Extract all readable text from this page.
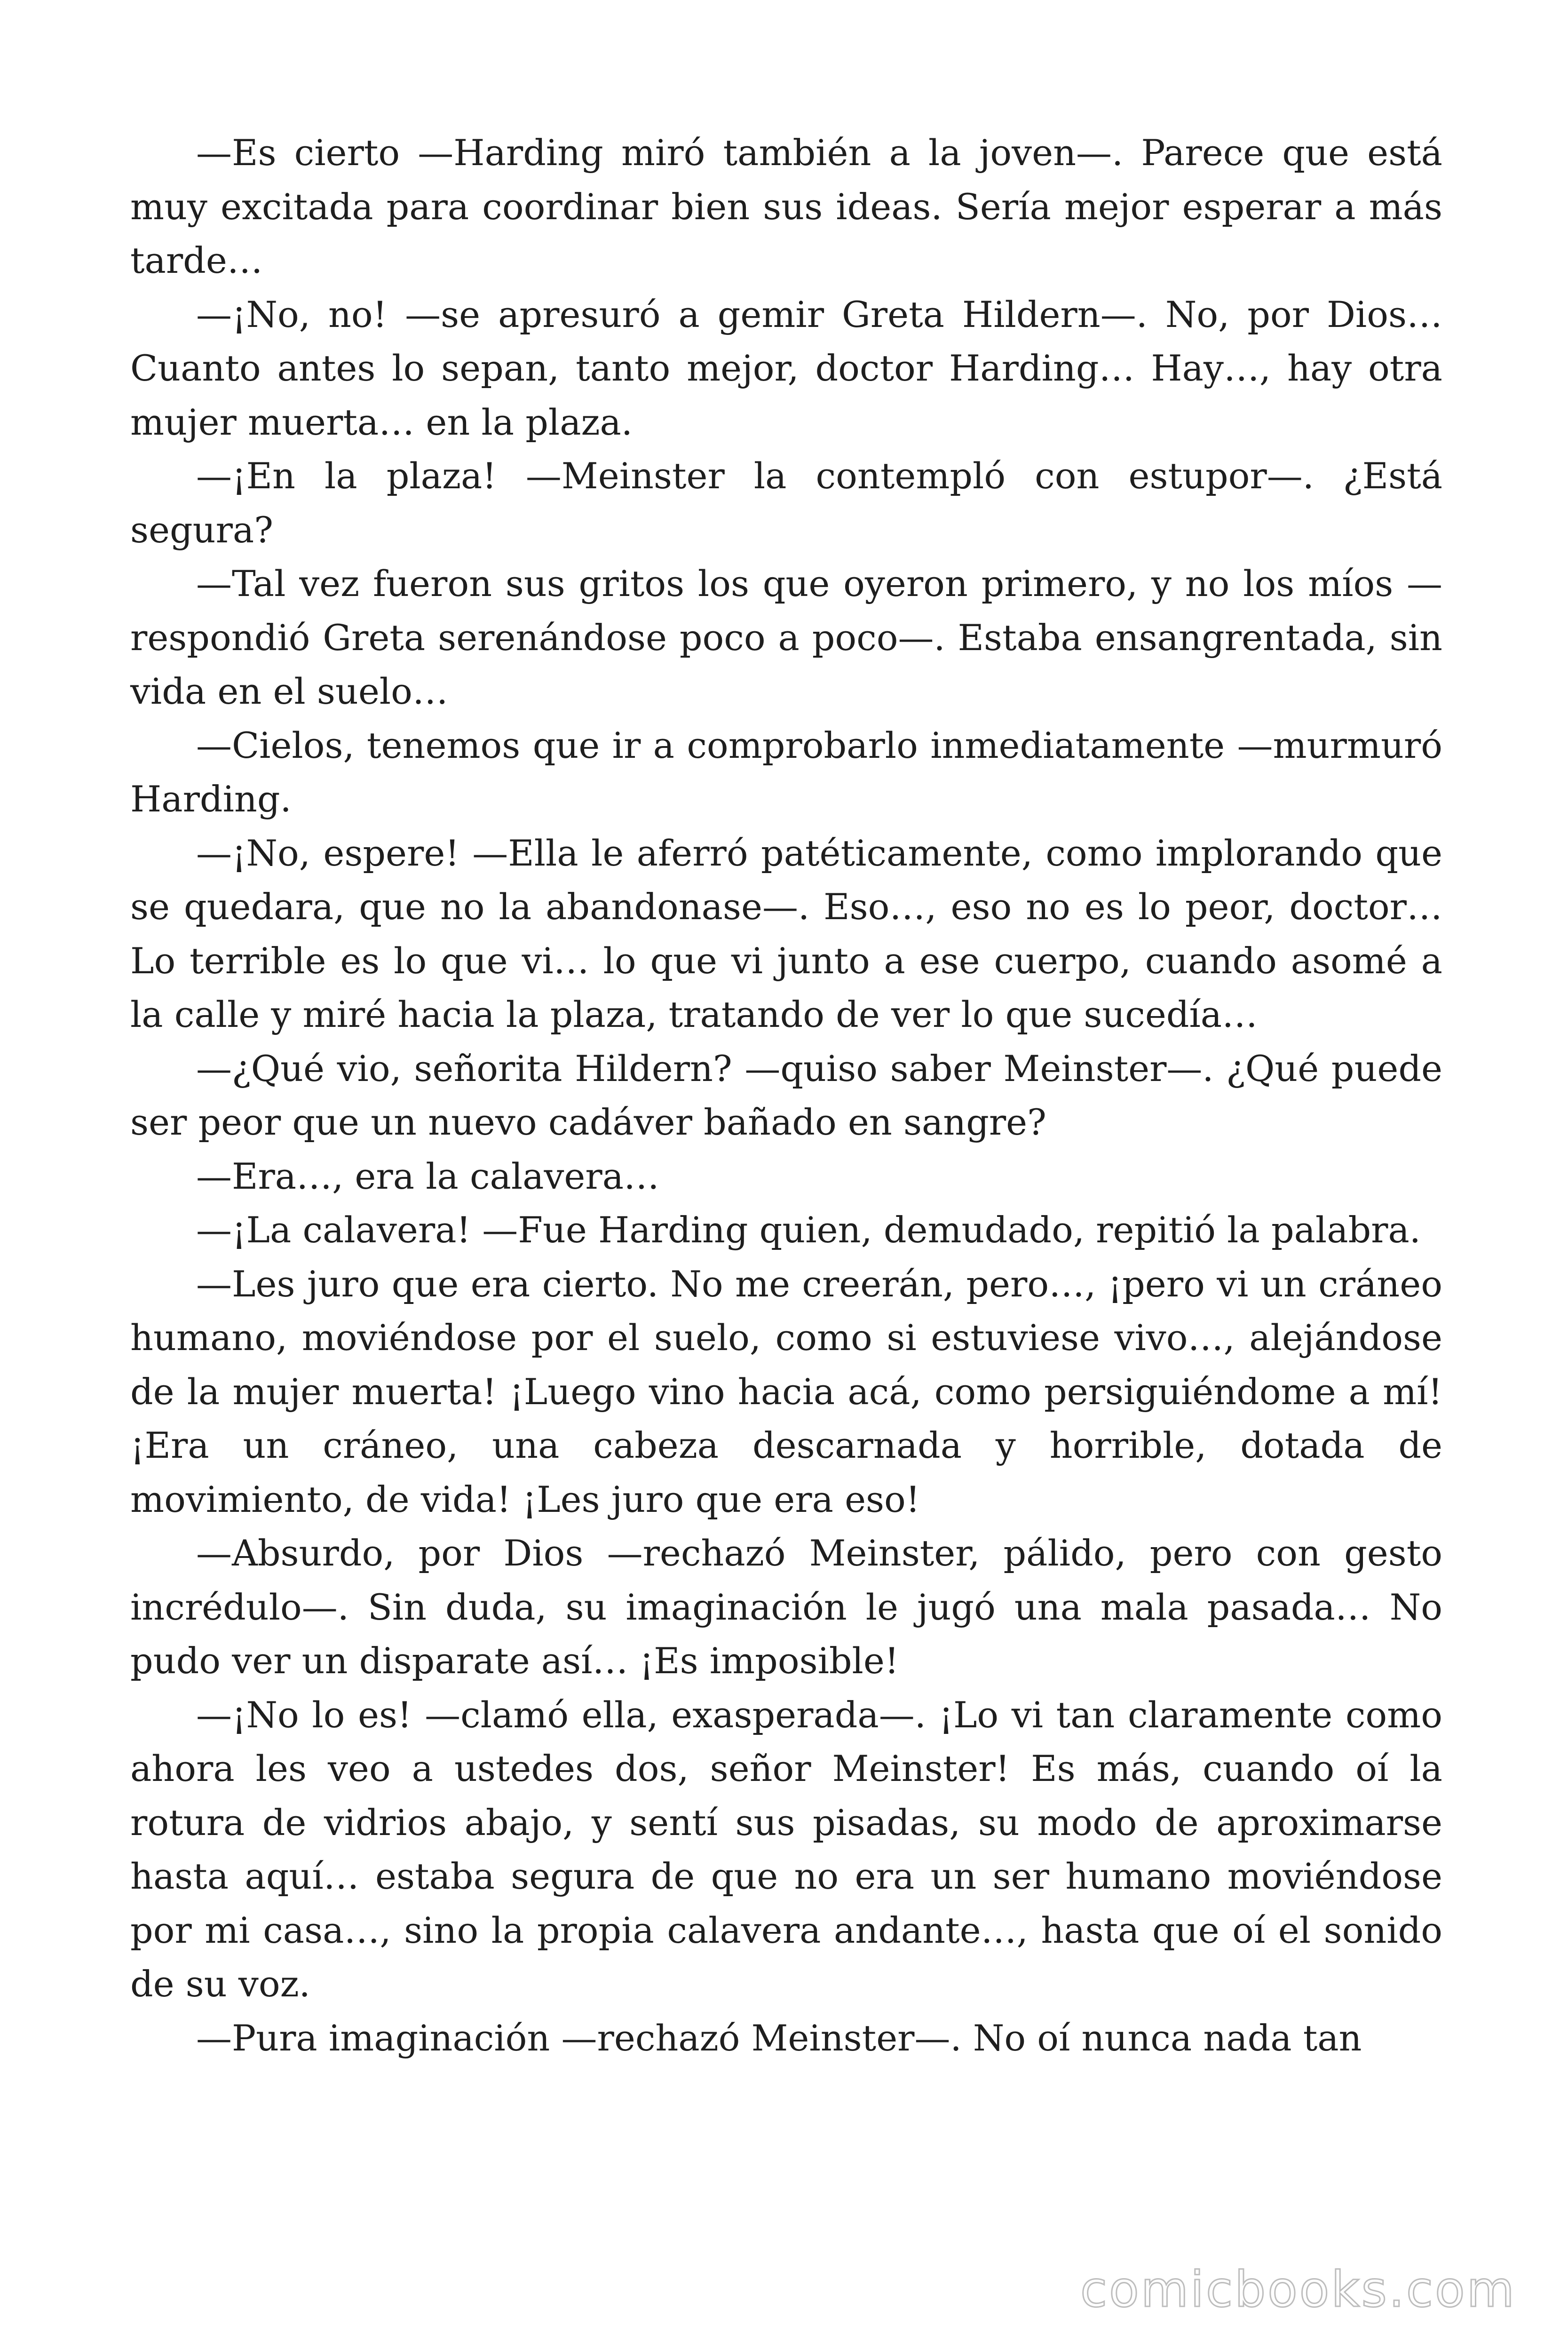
—Es cierto —Harding miró también a la joven—. Parece que está muy excitada para coordinar bien sus ideas. Sería mejor esperar a más tarde…

—¡No, no! —se apresuró a gemir Greta Hildern—. No, por Dios… Cuanto antes lo sepan, tanto mejor, doctor Harding… Hay…, hay otra mujer muerta… en la plaza.

—¡En la plaza! —Meinster la contempló con estupor—. ¿Está segura?

—Tal vez fueron sus gritos los que oyeron primero, y no los míos —respondió Greta serenándose poco a poco—. Estaba ensangrentada, sin vida en el suelo…

—Cielos, tenemos que ir a comprobarlo inmediatamente —murmuró Harding.

—¡No, espere! —Ella le aferró patéticamente, como implorando que se quedara, que no la abandonase—. Eso…, eso no es lo peor, doctor… Lo terrible es lo que vi… lo que vi junto a ese cuerpo, cuando asomé a la calle y miré hacia la plaza, tratando de ver lo que sucedía…

—¿Qué vio, señorita Hildern? —quiso saber Meinster—. ¿Qué puede ser peor que un nuevo cadáver bañado en sangre?

—Era…, era la calavera…

—¡La calavera! —Fue Harding quien, demudado, repitió la palabra.

—Les juro que era cierto. No me creerán, pero…, ¡pero vi un cráneo humano, moviéndose por el suelo, como si estuviese vivo…, alejándose de la mujer muerta! ¡Luego vino hacia acá, como persiguiéndome a mí! ¡Era un cráneo, una cabeza descarnada y horrible, dotada de movimiento, de vida! ¡Les juro que era eso!

—Absurdo, por Dios —rechazó Meinster, pálido, pero con gesto incrédulo—. Sin duda, su imaginación le jugó una mala pasada… No pudo ver un disparate así… ¡Es imposible!

—¡No lo es! —clamó ella, exasperada—. ¡Lo vi tan claramente como ahora les veo a ustedes dos, señor Meinster! Es más, cuando oí la rotura de vidrios abajo, y sentí sus pisadas, su modo de aproximarse hasta aquí… estaba segura de que no era un ser humano moviéndose por mi casa…, sino la propia calavera andante…, hasta que oí el sonido de su voz.

—Pura imaginación —rechazó Meinster—. No oí nunca nada tan

comicbooks.com
